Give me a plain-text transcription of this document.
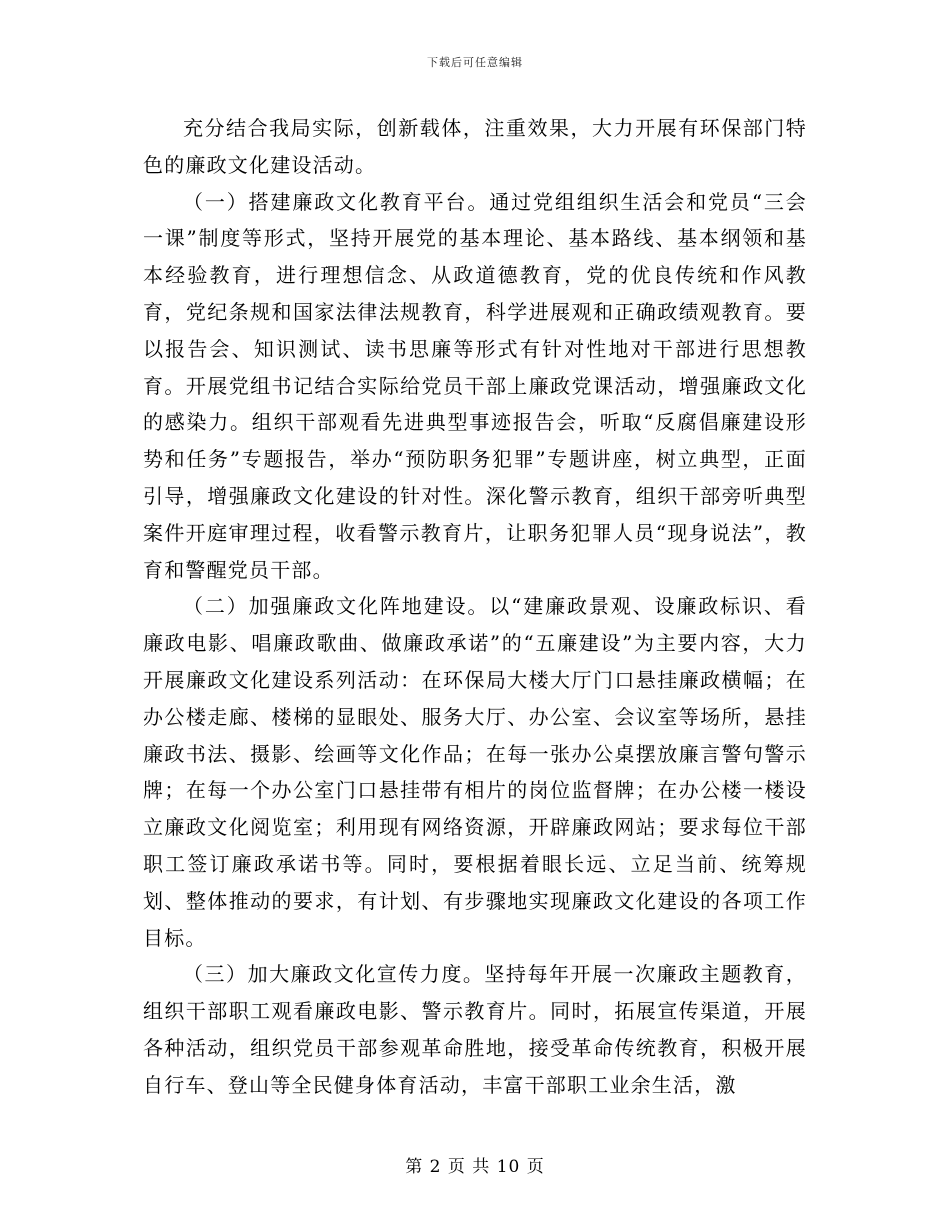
下载后可任意编辑

充分结合我局实际，创新载体，注重效果，大力开展有环保部门特色的廉政文化建设活动。

（一）搭建廉政文化教育平台。通过党组组织生活会和党员“三会一课”制度等形式，坚持开展党的基本理论、基本路线、基本纲领和基本经验教育，进行理想信念、从政道德教育，党的优良传统和作风教育，党纪条规和国家法律法规教育，科学进展观和正确政绩观教育。要以报告会、知识测试、读书思廉等形式有针对性地对干部进行思想教育。开展党组书记结合实际给党员干部上廉政党课活动，增强廉政文化的感染力。组织干部观看先进典型事迹报告会，听取“反腐倡廉建设形势和任务”专题报告，举办“预防职务犯罪”专题讲座，树立典型，正面引导，增强廉政文化建设的针对性。深化警示教育，组织干部旁听典型案件开庭审理过程，收看警示教育片，让职务犯罪人员“现身说法”，教育和警醒党员干部。

（二）加强廉政文化阵地建设。以“建廉政景观、设廉政标识、看廉政电影、唱廉政歌曲、做廉政承诺”的“五廉建设”为主要内容，大力开展廉政文化建设系列活动：在环保局大楼大厅门口悬挂廉政横幅；在办公楼走廊、楼梯的显眼处、服务大厅、办公室、会议室等场所，悬挂廉政书法、摄影、绘画等文化作品；在每一张办公桌摆放廉言警句警示牌；在每一个办公室门口悬挂带有相片的岗位监督牌；在办公楼一楼设立廉政文化阅览室；利用现有网络资源，开辟廉政网站；要求每位干部职工签订廉政承诺书等。同时，要根据着眼长远、立足当前、统筹规划、整体推动的要求，有计划、有步骤地实现廉政文化建设的各项工作目标。

（三）加大廉政文化宣传力度。坚持每年开展一次廉政主题教育，组织干部职工观看廉政电影、警示教育片。同时，拓展宣传渠道，开展各种活动，组织党员干部参观革命胜地，接受革命传统教育，积极开展自行车、登山等全民健身体育活动，丰富干部职工业余生活，激

第 2 页 共 10 页
